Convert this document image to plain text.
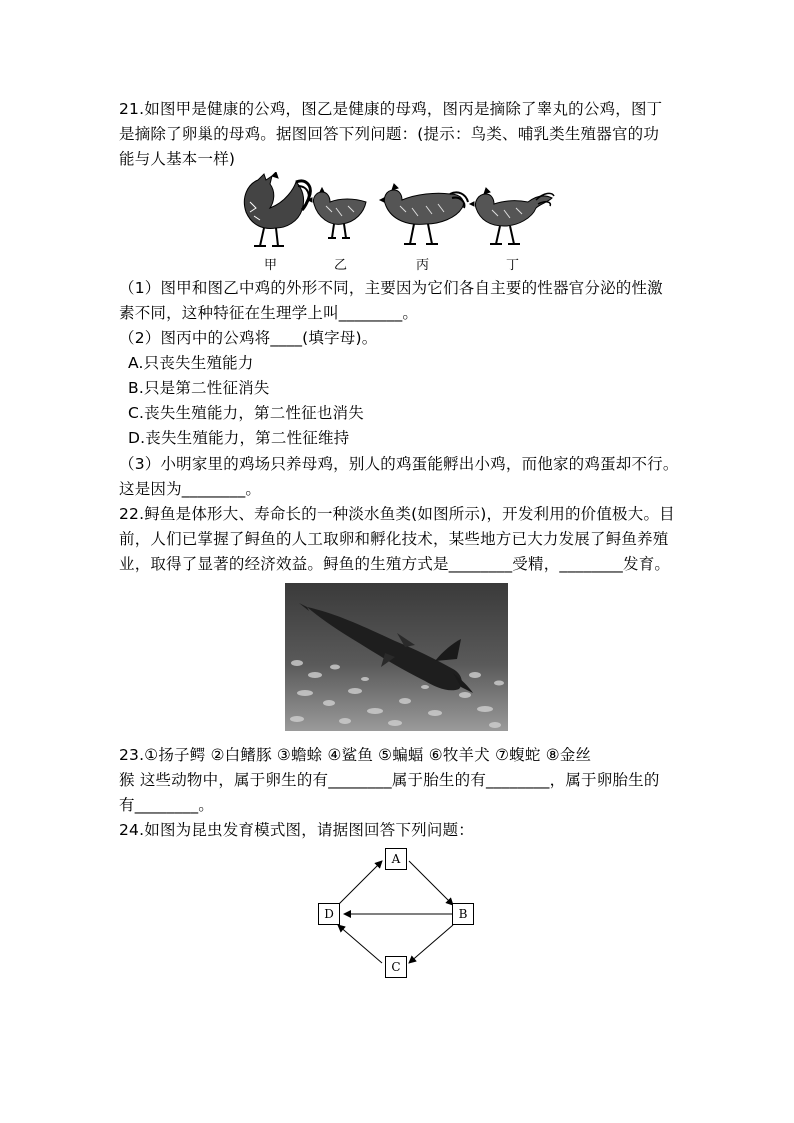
21.如图甲是健康的公鸡，图乙是健康的母鸡，图丙是摘除了睾丸的公鸡，图丁
是摘除了卵巢的母鸡。据图回答下列问题：(提示：鸟类、哺乳类生殖器官的功
能与人基本一样)
甲	乙	丙	丁
（1）图甲和图乙中鸡的外形不同，主要因为它们各自主要的性器官分泌的性激
素不同，这种特征在生理学上叫________。
（2）图丙中的公鸡将____(填字母)。
A.只丧失生殖能力
B.只是第二性征消失
C.丧失生殖能力，第二性征也消失
D.丧失生殖能力，第二性征维持
（3）小明家里的鸡场只养母鸡，别人的鸡蛋能孵出小鸡，而他家的鸡蛋却不行。
这是因为________。
22.鲟鱼是体形大、寿命长的一种淡水鱼类(如图所示)，开发利用的价值极大。目
前，人们已掌握了鲟鱼的人工取卵和孵化技术，某些地方已大力发展了鲟鱼养殖
业，取得了显著的经济效益。鲟鱼的生殖方式是________受精，________发育。
23.①扬子鳄 ②白鳍豚 ③蟾蜍 ④鲨鱼 ⑤蝙蝠 ⑥牧羊犬 ⑦蝮蛇 ⑧金丝
猴 这些动物中，属于卵生的有________属于胎生的有________，属于卵胎生的
有________。
24.如图为昆虫发育模式图，请据图回答下列问题：
A
B
C
D
